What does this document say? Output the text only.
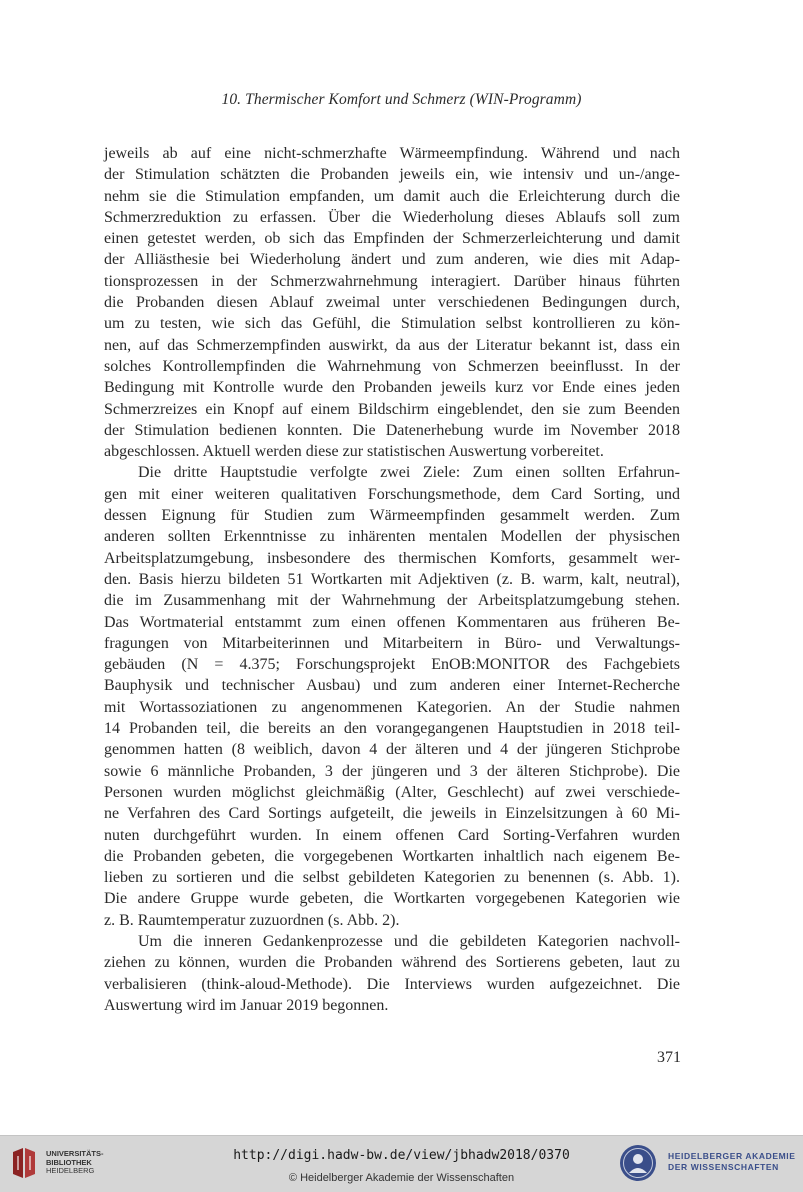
10. Thermischer Komfort und Schmerz (WIN-Programm)
jeweils ab auf eine nicht-schmerzhafte Wärmeempfindung. Während und nach
der Stimulation schätzten die Probanden jeweils ein, wie intensiv und un-/ange-
nehm sie die Stimulation empfanden, um damit auch die Erleichterung durch die
Schmerzreduktion zu erfassen. Über die Wiederholung dieses Ablaufs soll zum
einen getestet werden, ob sich das Empfinden der Schmerzerleichterung und damit
der Alliästhesie bei Wiederholung ändert und zum anderen, wie dies mit Adap-
tionsprozessen in der Schmerzwahrnehmung interagiert. Darüber hinaus führten
die Probanden diesen Ablauf zweimal unter verschiedenen Bedingungen durch,
um zu testen, wie sich das Gefühl, die Stimulation selbst kontrollieren zu kön-
nen, auf das Schmerzempfinden auswirkt, da aus der Literatur bekannt ist, dass ein
solches Kontrollempfinden die Wahrnehmung von Schmerzen beeinflusst. In der
Bedingung mit Kontrolle wurde den Probanden jeweils kurz vor Ende eines jeden
Schmerzreizes ein Knopf auf einem Bildschirm eingeblendet, den sie zum Beenden
der Stimulation bedienen konnten. Die Datenerhebung wurde im November 2018
abgeschlossen. Aktuell werden diese zur statistischen Auswertung vorbereitet.
Die dritte Hauptstudie verfolgte zwei Ziele: Zum einen sollten Erfahrun-
gen mit einer weiteren qualitativen Forschungsmethode, dem Card Sorting, und
dessen Eignung für Studien zum Wärmeempfinden gesammelt werden. Zum
anderen sollten Erkenntnisse zu inhärenten mentalen Modellen der physischen
Arbeitsplatzumgebung, insbesondere des thermischen Komforts, gesammelt wer-
den. Basis hierzu bildeten 51 Wortkarten mit Adjektiven (z. B. warm, kalt, neutral),
die im Zusammenhang mit der Wahrnehmung der Arbeitsplatzumgebung stehen.
Das Wortmaterial entstammt zum einen offenen Kommentaren aus früheren Be-
fragungen von Mitarbeiterinnen und Mitarbeitern in Büro- und Verwaltungs-
gebäuden (N = 4.375; Forschungsprojekt EnOB:MONITOR des Fachgebiets
Bauphysik und technischer Ausbau) und zum anderen einer Internet-Recherche
mit Wortassoziationen zu angenommenen Kategorien. An der Studie nahmen
14 Probanden teil, die bereits an den vorangegangenen Hauptstudien in 2018 teil-
genommen hatten (8 weiblich, davon 4 der älteren und 4 der jüngeren Stichprobe
sowie 6 männliche Probanden, 3 der jüngeren und 3 der älteren Stichprobe). Die
Personen wurden möglichst gleichmäßig (Alter, Geschlecht) auf zwei verschiede-
ne Verfahren des Card Sortings aufgeteilt, die jeweils in Einzelsitzungen à 60 Mi-
nuten durchgeführt wurden. In einem offenen Card Sorting-Verfahren wurden
die Probanden gebeten, die vorgegebenen Wortkarten inhaltlich nach eigenem Be-
lieben zu sortieren und die selbst gebildeten Kategorien zu benennen (s. Abb. 1).
Die andere Gruppe wurde gebeten, die Wortkarten vorgegebenen Kategorien wie
z. B. Raumtemperatur zuzuordnen (s. Abb. 2).
Um die inneren Gedankenprozesse und die gebildeten Kategorien nachvoll-
ziehen zu können, wurden die Probanden während des Sortierens gebeten, laut zu
verbalisieren (think-aloud-Methode). Die Interviews wurden aufgezeichnet. Die
Auswertung wird im Januar 2019 begonnen.
371
UNIVERSITÄTS-
BIBLIOTHEK
HEIDELBERG
http://digi.hadw-bw.de/view/jbhadw2018/0370
© Heidelberger Akademie der Wissenschaften
HEIDELBERGER AKADEMIE
DER WISSENSCHAFTEN
